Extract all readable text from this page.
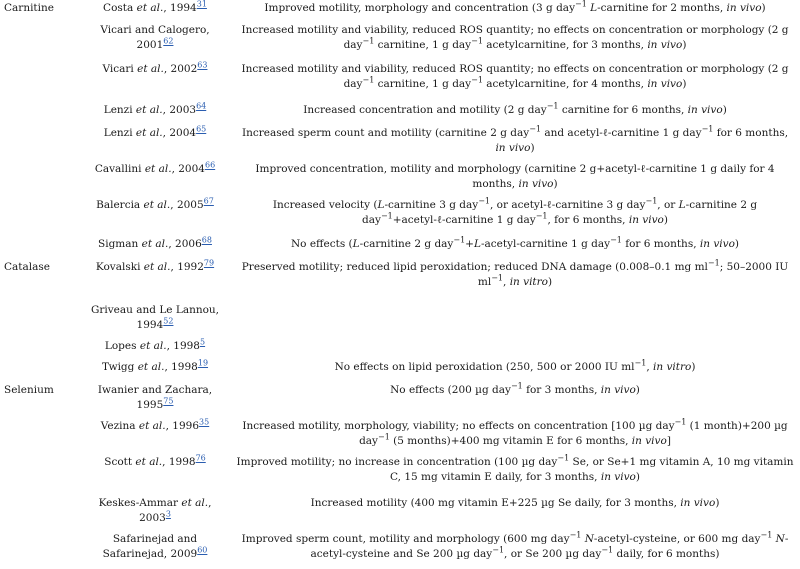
Carnitine	Costa et al., 1994$^{31}$	Improved motility, morphology and concentration (3 g day$^{-1}$ L-carnitine for 2 months, in vivo)
	Vicari and Calogero, 2001$^{62}$	Increased motility and viability, reduced ROS quantity; no effects on concentration or morphology (2 g day$^{-1}$ carnitine, 1 g day$^{-1}$ acetylcarnitine, for 3 months, in vivo)
	Vicari et al., 2002$^{63}$	Increased motility and viability, reduced ROS quantity; no effects on concentration or morphology (2 g day$^{-1}$ carnitine, 1 g day$^{-1}$ acetylcarnitine, for 4 months, in vivo)
	Lenzi et al., 2003$^{64}$	Increased concentration and motility (2 g day$^{-1}$ carnitine for 6 months, in vivo)
	Lenzi et al., 2004$^{65}$	Increased sperm count and motility (carnitine 2 g day$^{-1}$ and acetyl-ℓ-carnitine 1 g day$^{-1}$ for 6 months, in vivo)
	Cavallini et al., 2004$^{66}$	Improved concentration, motility and morphology (carnitine 2 g+acetyl-ℓ-carnitine 1 g daily for 4 months, in vivo)
	Balercia et al., 2005$^{67}$	Increased velocity (L-carnitine 3 g day$^{-1}$, or acetyl-ℓ-carnitine 3 g day$^{-1}$, or L-carnitine 2 g day$^{-1}$+acetyl-ℓ-carnitine 1 g day$^{-1}$, for 6 months, in vivo)
	Sigman et al., 2006$^{68}$	No effects (L-carnitine 2 g day$^{-1}$+L-acetyl-carnitine 1 g day$^{-1}$ for 6 months, in vivo)
Catalase	Kovalski et al., 1992$^{79}$	Preserved motility; reduced lipid peroxidation; reduced DNA damage (0.008–0.1 mg $ml^{-1}$; 50–2000 IU $ml^{-1}$, in vitro)
	Griveau and Le Lannou, 1994$^{52}$	
	Lopes et al., 1998$^5$	
	Twigg et al., 1998$^{19}$	No effects on lipid peroxidation (250, 500 or 2000 IU $ml^{-1}$, in vitro)
Selenium	Iwanier and Zachara, 1995$^{75}$	No effects (200 µg day$^{-1}$ for 3 months, in vivo)
	Vezina et al., 1996$^{35}$	Increased motility, morphology, viability; no effects on concentration [100 µg day$^{-1}$ (1 month)+200 µg day$^{-1}$ (5 months)+400 mg vitamin E for 6 months, in vivo]
	Scott et al., 1998$^{76}$	Improved motility; no increase in concentration (100 µg day$^{-1}$ Se, or Se+1 mg vitamin A, 10 mg vitamin C, 15 mg vitamin E daily, for 3 months, in vivo)
	Keskes-Ammar et al., 2003$^3$	Increased motility (400 mg vitamin E+225 µg Se daily, for 3 months, in vivo)
	Safarinejad and Safarinejad, 2009$^{60}$	Improved sperm count, motility and morphology (600 mg day$^{-1}$ N-acetyl-cysteine, or 600 mg day$^{-1}$ N-acetyl-cysteine and Se 200 µg day$^{-1}$, or Se 200 µg day$^{-1}$ daily, for 6 months)
